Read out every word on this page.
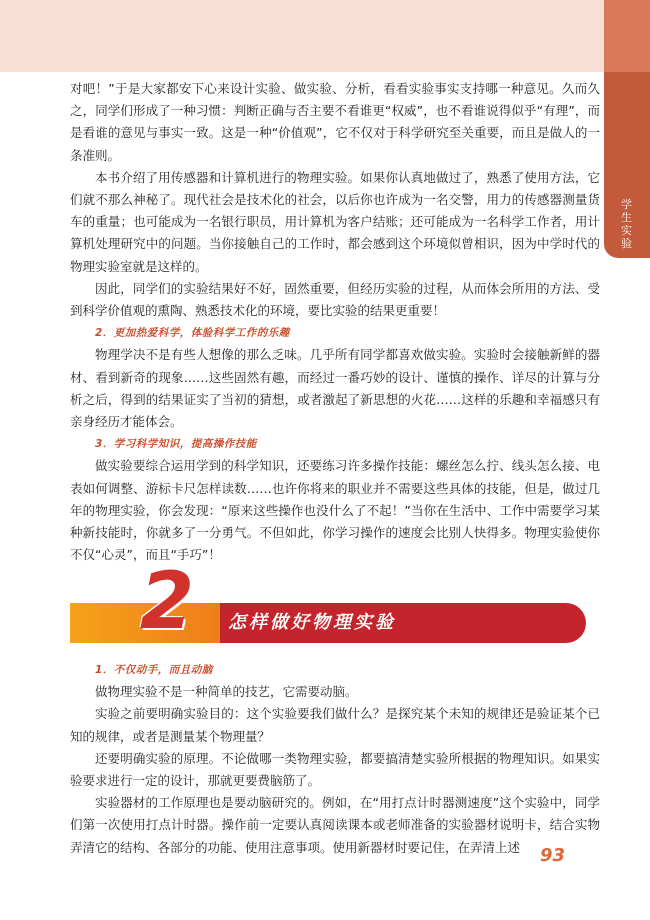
学
生
实
验

对吧！”于是大家都安下心来设计实验、做实验、分析，看看实验事实支持哪一种意见。久而久之，同学们形成了一种习惯：判断正确与否主要不看谁更“权威”，也不看谁说得似乎“有理”，而是看谁的意见与事实一致。这是一种“价值观”，它不仅对于科学研究至关重要，而且是做人的一条准则。

本书介绍了用传感器和计算机进行的物理实验。如果你认真地做过了，熟悉了使用方法，它们就不那么神秘了。现代社会是技术化的社会，以后你也许成为一名交警，用力的传感器测量货车的重量；也可能成为一名银行职员，用计算机为客户结账；还可能成为一名科学工作者，用计算机处理研究中的问题。当你接触自己的工作时，都会感到这个环境似曾相识，因为中学时代的物理实验室就是这样的。

因此，同学们的实验结果好不好，固然重要，但经历实验的过程，从而体会所用的方法、受到科学价值观的熏陶、熟悉技术化的环境，要比实验的结果更重要！

2．更加热爱科学，体验科学工作的乐趣

物理学决不是有些人想像的那么乏味。几乎所有同学都喜欢做实验。实验时会接触新鲜的器材、看到新奇的现象……这些固然有趣，而经过一番巧妙的设计、谨慎的操作、详尽的计算与分析之后，得到的结果证实了当初的猜想，或者激起了新思想的火花……这样的乐趣和幸福感只有亲身经历才能体会。

3．学习科学知识，提高操作技能

做实验要综合运用学到的科学知识，还要练习许多操作技能：螺丝怎么拧、线头怎么接、电表如何调整、游标卡尺怎样读数……也许你将来的职业并不需要这些具体的技能，但是，做过几年的物理实验，你会发现：“原来这些操作也没什么了不起！”当你在生活中、工作中需要学习某种新技能时，你就多了一分勇气。不但如此，你学习操作的速度会比别人快得多。物理实验使你不仅“心灵”，而且“手巧”！

2	怎样做好物理实验

1．不仅动手，而且动脑

做物理实验不是一种简单的技艺，它需要动脑。

实验之前要明确实验目的：这个实验要我们做什么？是探究某个未知的规律还是验证某个已知的规律，或者是测量某个物理量？

还要明确实验的原理。不论做哪一类物理实验，都要搞清楚实验所根据的物理知识。如果实验要求进行一定的设计，那就更要费脑筋了。

实验器材的工作原理也是要动脑研究的。例如，在“用打点计时器测速度”这个实验中，同学们第一次使用打点计时器。操作前一定要认真阅读课本或老师准备的实验器材说明卡，结合实物弄清它的结构、各部分的功能、使用注意事项。使用新器材时要记住，在弄清上述	93
